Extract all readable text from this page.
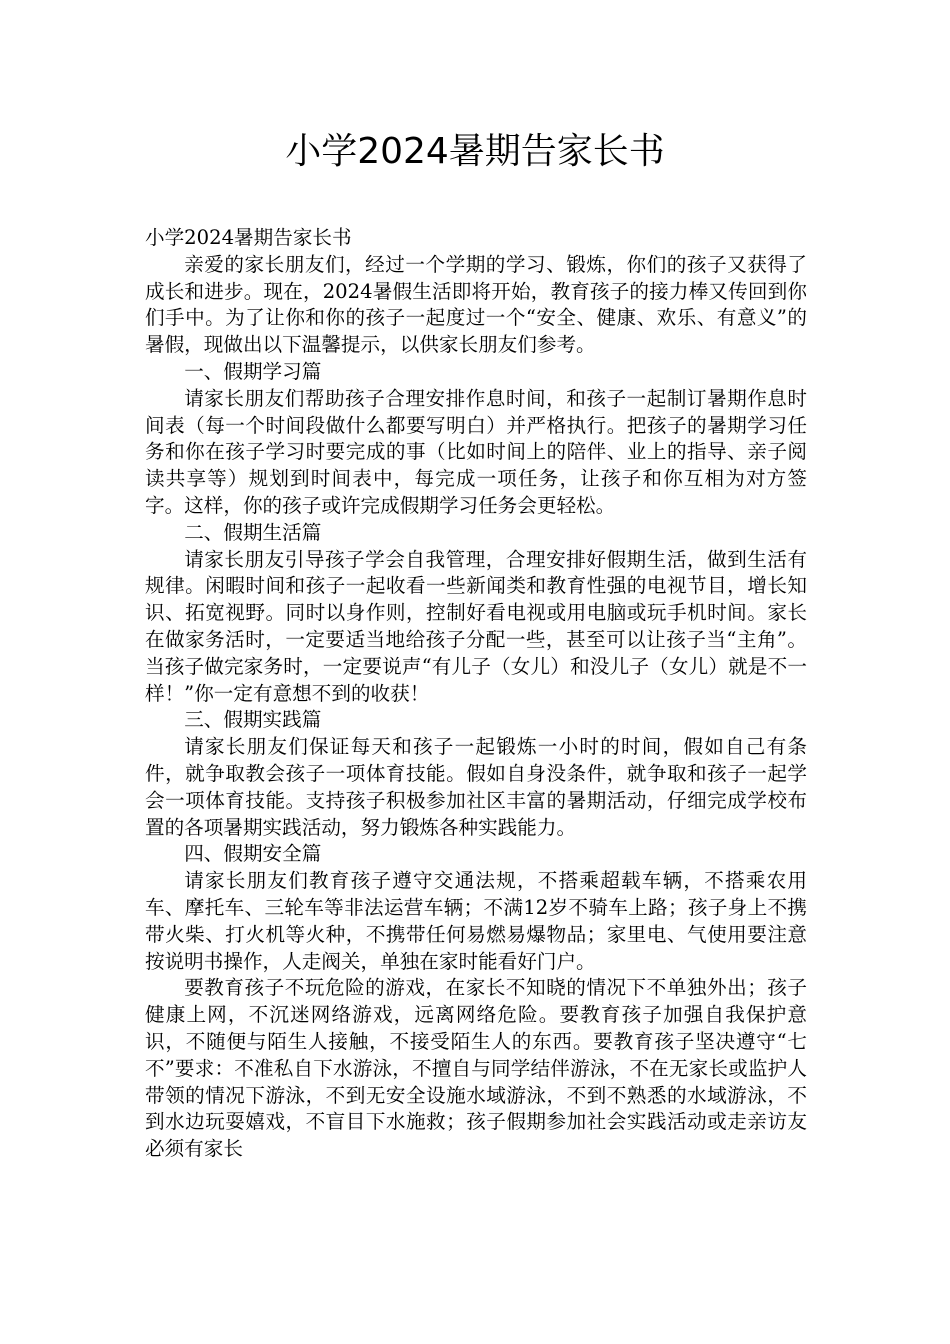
小学2024暑期告家长书

小学2024暑期告家长书

亲爱的家长朋友们，经过一个学期的学习、锻炼，你们的孩子又获得了成长和进步。现在，2024暑假生活即将开始，教育孩子的接力棒又传回到你们手中。为了让你和你的孩子一起度过一个“安全、健康、欢乐、有意义”的暑假，现做出以下温馨提示，以供家长朋友们参考。

一、假期学习篇

请家长朋友们帮助孩子合理安排作息时间，和孩子一起制订暑期作息时间表（每一个时间段做什么都要写明白）并严格执行。把孩子的暑期学习任务和你在孩子学习时要完成的事（比如时间上的陪伴、业上的指导、亲子阅读共享等）规划到时间表中，每完成一项任务，让孩子和你互相为对方签字。这样，你的孩子或许完成假期学习任务会更轻松。

二、假期生活篇

请家长朋友引导孩子学会自我管理，合理安排好假期生活，做到生活有规律。闲暇时间和孩子一起收看一些新闻类和教育性强的电视节目，增长知识、拓宽视野。同时以身作则，控制好看电视或用电脑或玩手机时间。家长在做家务活时，一定要适当地给孩子分配一些，甚至可以让孩子当“主角”。当孩子做完家务时，一定要说声“有儿子（女儿）和没儿子（女儿）就是不一样！”你一定有意想不到的收获！

三、假期实践篇

请家长朋友们保证每天和孩子一起锻炼一小时的时间，假如自己有条件，就争取教会孩子一项体育技能。假如自身没条件，就争取和孩子一起学会一项体育技能。支持孩子积极参加社区丰富的暑期活动，仔细完成学校布置的各项暑期实践活动，努力锻炼各种实践能力。

四、假期安全篇

请家长朋友们教育孩子遵守交通法规，不搭乘超载车辆，不搭乘农用车、摩托车、三轮车等非法运营车辆；不满12岁不骑车上路；孩子身上不携带火柴、打火机等火种，不携带任何易燃易爆物品；家里电、气使用要注意按说明书操作，人走阀关，单独在家时能看好门户。

要教育孩子不玩危险的游戏，在家长不知晓的情况下不单独外出；孩子健康上网，不沉迷网络游戏，远离网络危险。要教育孩子加强自我保护意识，不随便与陌生人接触，不接受陌生人的东西。要教育孩子坚决遵守“七不”要求：不准私自下水游泳，不擅自与同学结伴游泳，不在无家长或监护人带领的情况下游泳，不到无安全设施水域游泳，不到不熟悉的水域游泳，不到水边玩耍嬉戏，不盲目下水施救；孩子假期参加社会实践活动或走亲访友必须有家长
